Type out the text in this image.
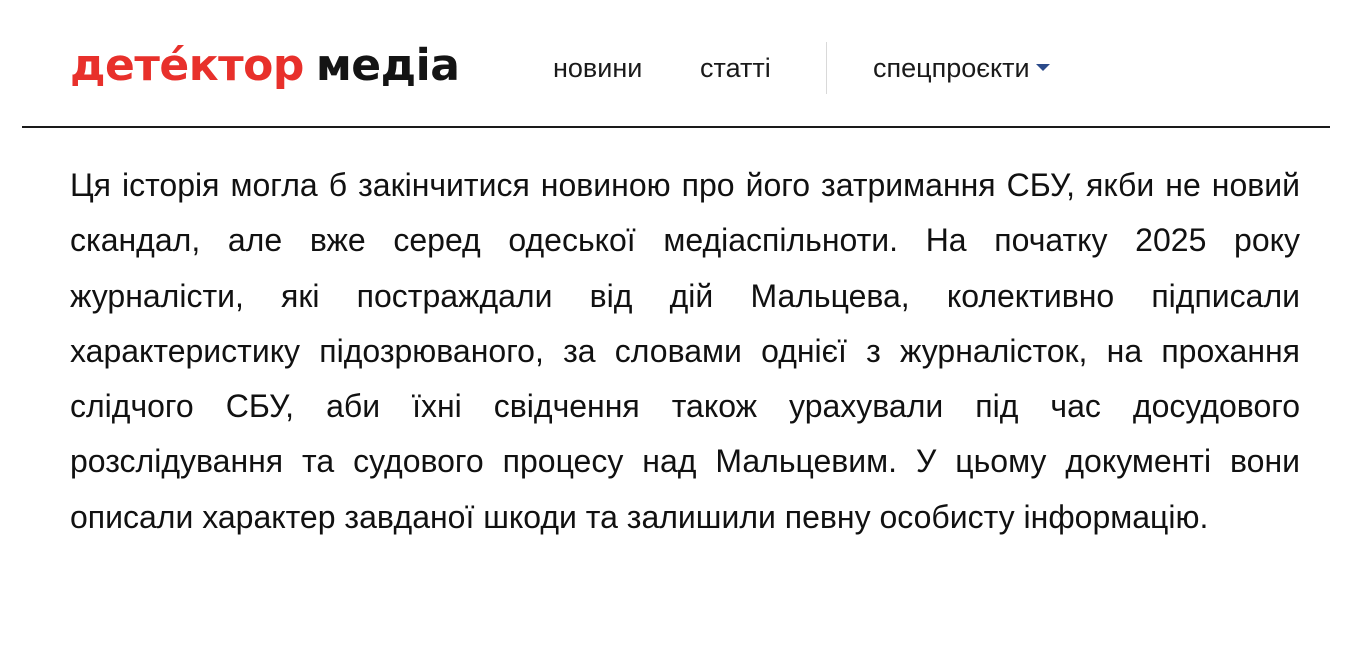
детéктор медіа	новини статті	спецпроєкти

Ця історія могла б закінчитися новиною про його затримання СБУ, якби не новий скандал, але вже серед одеської медіаспільноти. На початку 2025 року журналісти, які постраждали від дій Мальцева, колективно підписали характеристику підозрюваного, за словами однієї з журналісток, на прохання слідчого СБУ, аби їхні свідчення також урахували під час досудового розслідування та судового процесу над Мальцевим. У цьому документі вони описали характер завданої шкоди та залишили певну особисту інформацію.
